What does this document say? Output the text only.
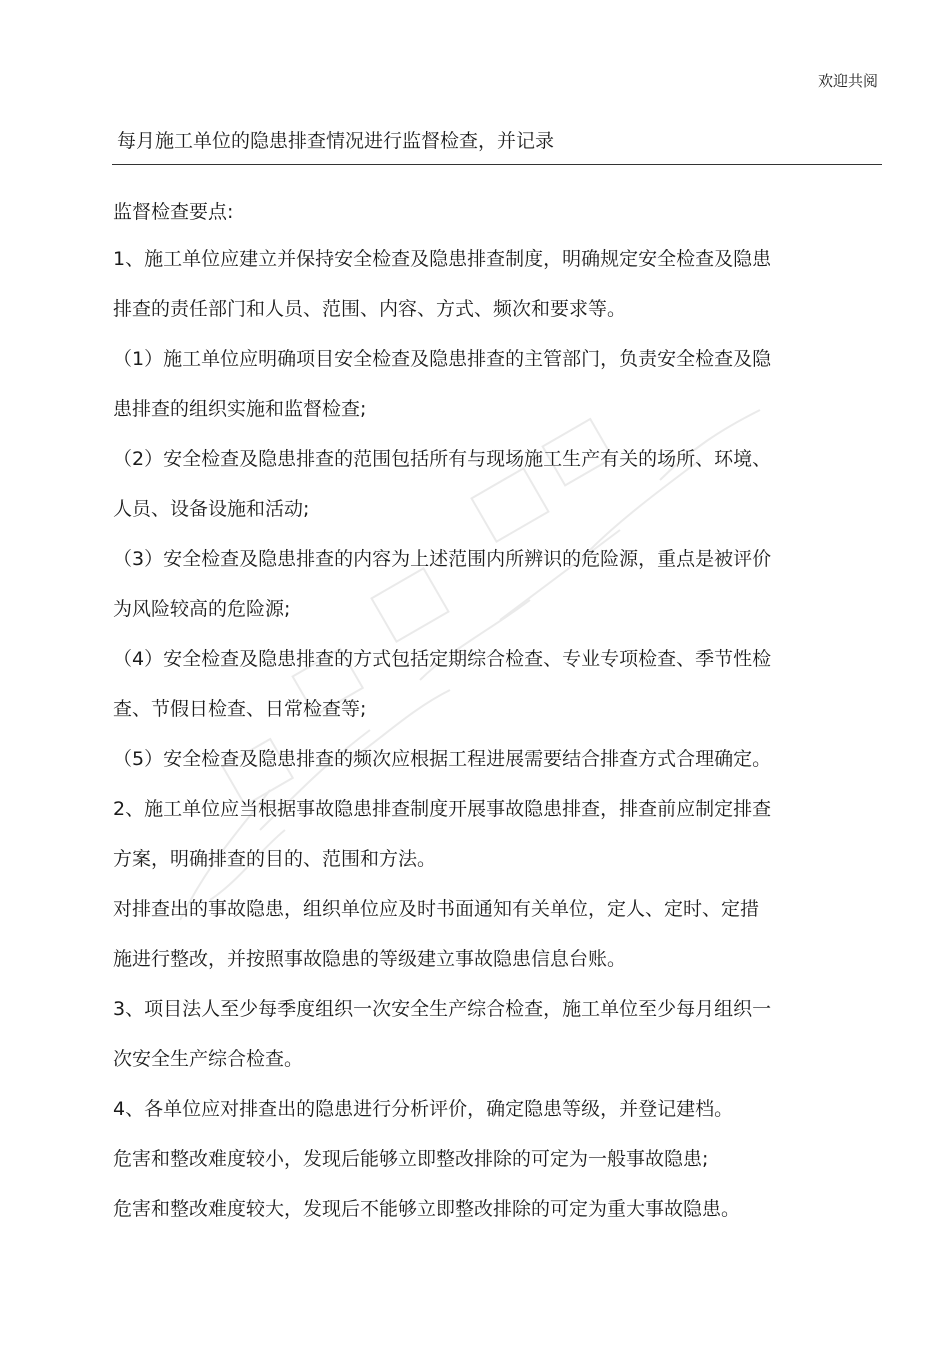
欢迎共阅
每月施工单位的隐患排查情况进行监督检查，并记录
监督检查要点:
1、施工单位应建立并保持安全检查及隐患排查制度，明确规定安全检查及隐患
排查的责任部门和人员、范围、内容、方式、频次和要求等。
（1）施工单位应明确项目安全检查及隐患排查的主管部门，负责安全检查及隐
患排查的组织实施和监督检查;
（2）安全检查及隐患排查的范围包括所有与现场施工生产有关的场所、环境、
人员、设备设施和活动;
（3）安全检查及隐患排查的内容为上述范围内所辨识的危险源，重点是被评价
为风险较高的危险源;
（4）安全检查及隐患排查的方式包括定期综合检查、专业专项检查、季节性检
查、节假日检查、日常检查等;
（5）安全检查及隐患排查的频次应根据工程进展需要结合排查方式合理确定。
2、施工单位应当根据事故隐患排查制度开展事故隐患排查，排查前应制定排查
方案，明确排查的目的、范围和方法。
对排查出的事故隐患，组织单位应及时书面通知有关单位，定人、定时、定措
施进行整改，并按照事故隐患的等级建立事故隐患信息台账。
3、项目法人至少每季度组织一次安全生产综合检查，施工单位至少每月组织一
次安全生产综合检查。
4、各单位应对排查出的隐患进行分析评价，确定隐患等级，并登记建档。
危害和整改难度较小，发现后能够立即整改排除的可定为一般事故隐患;
危害和整改难度较大，发现后不能够立即整改排除的可定为重大事故隐患。
